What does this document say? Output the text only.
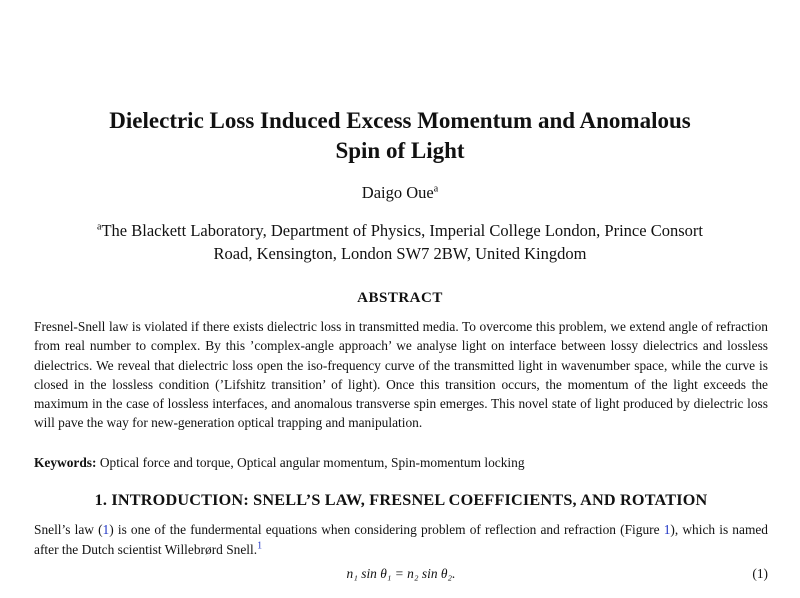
Dielectric Loss Induced Excess Momentum and Anomalous
Spin of Light
Daigo Oue$^a$
$^a$The Blackett Laboratory, Department of Physics, Imperial College London, Prince Consort
Road, Kensington, London SW7 2BW, United Kingdom
ABSTRACT
Fresnel-Snell law is violated if there exists dielectric loss in transmitted media. To overcome this problem, we extend angle of refraction from real number to complex. By this ’complex-angle approach’ we analyse light on interface between lossy dielectrics and lossless dielectrics. We reveal that dielectric loss open the iso-frequency curve of the transmitted light in wavenumber space, while the curve is closed in the lossless condition (’Lifshitz transition’ of light). Once this transition occurs, the momentum of the light exceeds the maximum in the case of lossless interfaces, and anomalous transverse spin emerges. This novel state of light produced by dielectric loss will pave the way for new-generation optical trapping and manipulation.
Keywords: Optical force and torque, Optical angular momentum, Spin-momentum locking
1. INTRODUCTION: SNELL’S LAW, FRESNEL COEFFICIENTS, AND ROTATION
Snell’s law (1) is one of the fundermental equations when considering problem of reflection and refraction (Figure 1), which is named after the Dutch scientist Willebrørd Snell.$^1$
n₁ sin θ₁ = n₂ sin θ₂.	(1)
